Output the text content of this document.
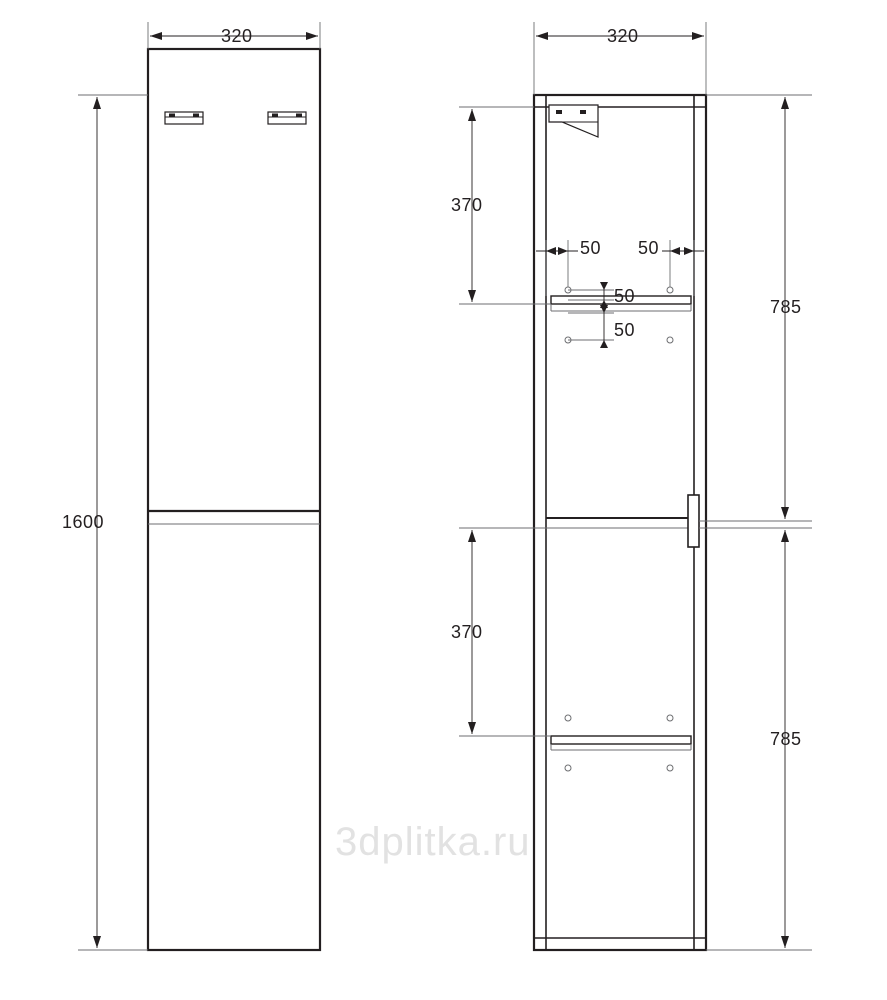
320
1600
320
370
785
370
785
50 50
50
50
3dplitka.ru
